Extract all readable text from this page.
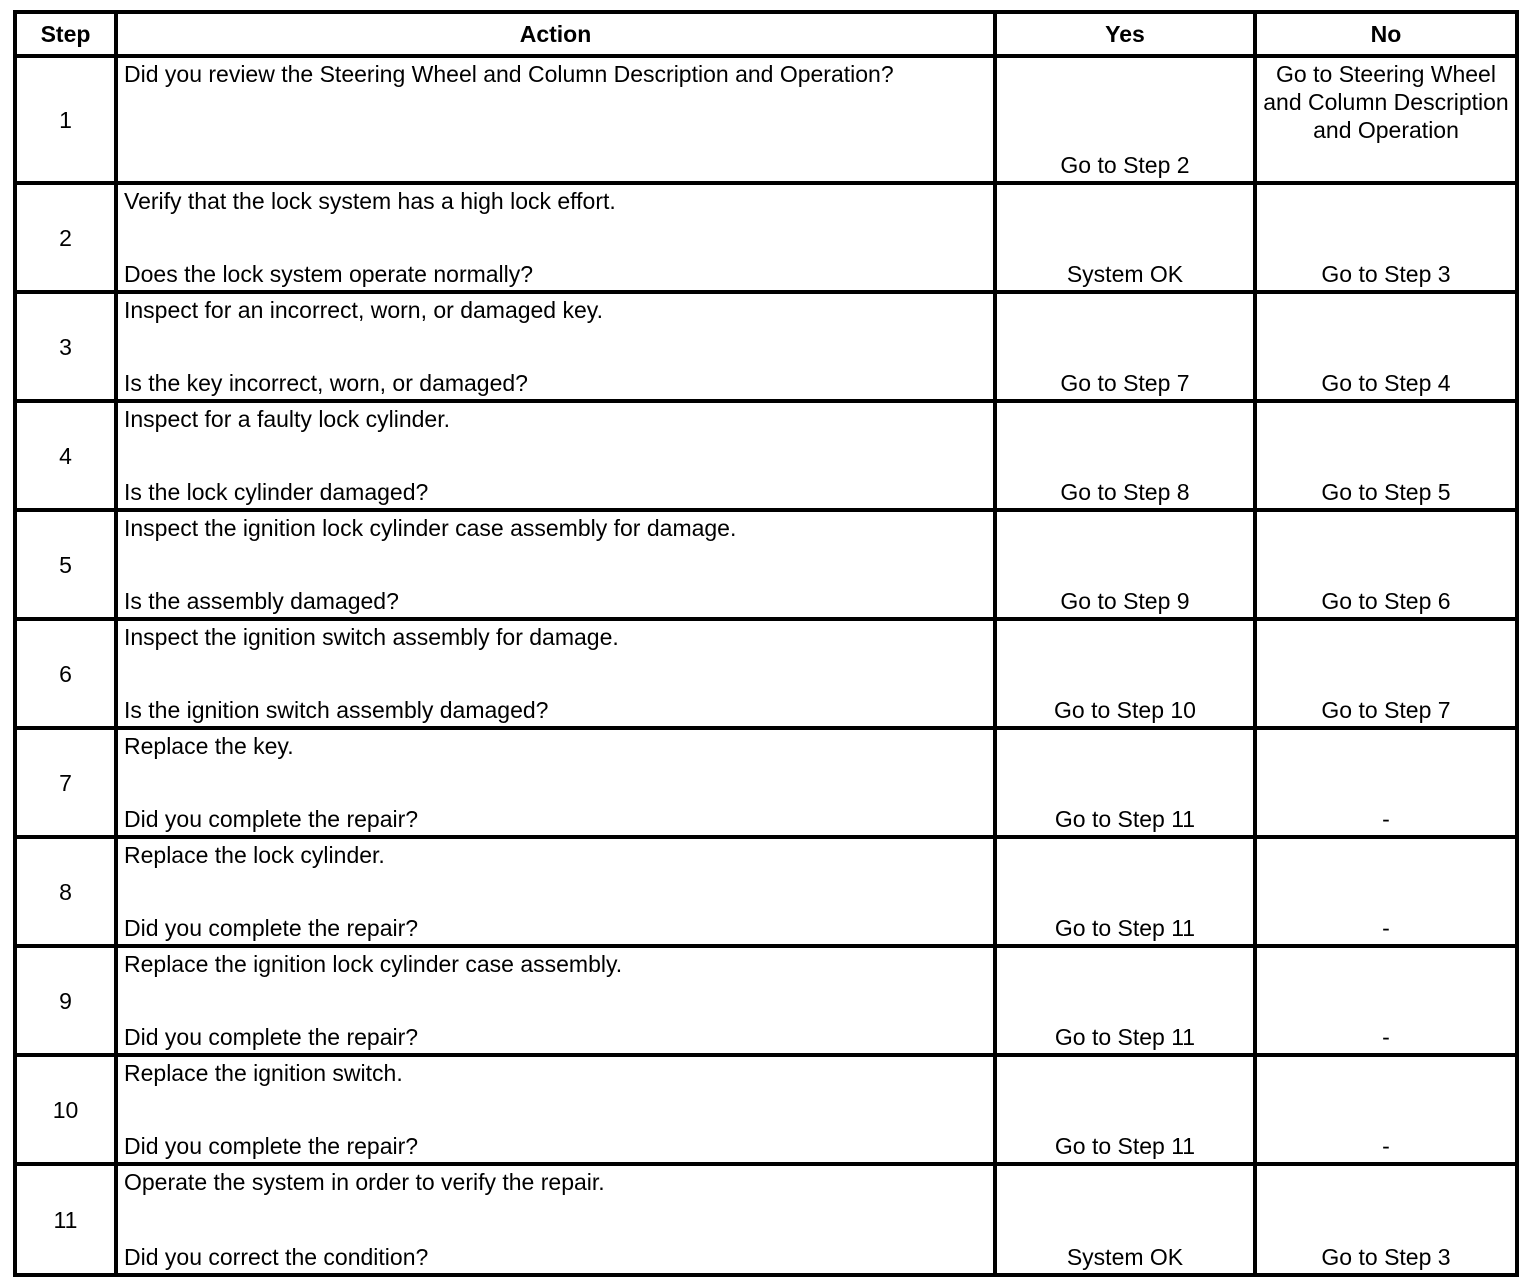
Step	Action	Yes	No
1	Did you review the Steering Wheel and Column Description and Operation?	Go to Step 2	Go to Steering Wheel and Column Description and Operation

2	Verify that the lock system has a high lock effort.
Does the lock system operate normally?	System OK	Go to Step 3

3	Inspect for an incorrect, worn, or damaged key.
Is the key incorrect, worn, or damaged?	Go to Step 7	Go to Step 4

4	Inspect for a faulty lock cylinder.
Is the lock cylinder damaged?	Go to Step 8	Go to Step 5

5	Inspect the ignition lock cylinder case assembly for damage.
Is the assembly damaged?	Go to Step 9	Go to Step 6

6	Inspect the ignition switch assembly for damage.
Is the ignition switch assembly damaged?	Go to Step 10	Go to Step 7

7	Replace the key.
Did you complete the repair?	Go to Step 11	-

8	Replace the lock cylinder.
Did you complete the repair?	Go to Step 11	-

9	Replace the ignition lock cylinder case assembly.
Did you complete the repair?	Go to Step 11	-

10	Replace the ignition switch.
Did you complete the repair?	Go to Step 11	-

11	Operate the system in order to verify the repair.
Did you correct the condition?	System OK	Go to Step 3
